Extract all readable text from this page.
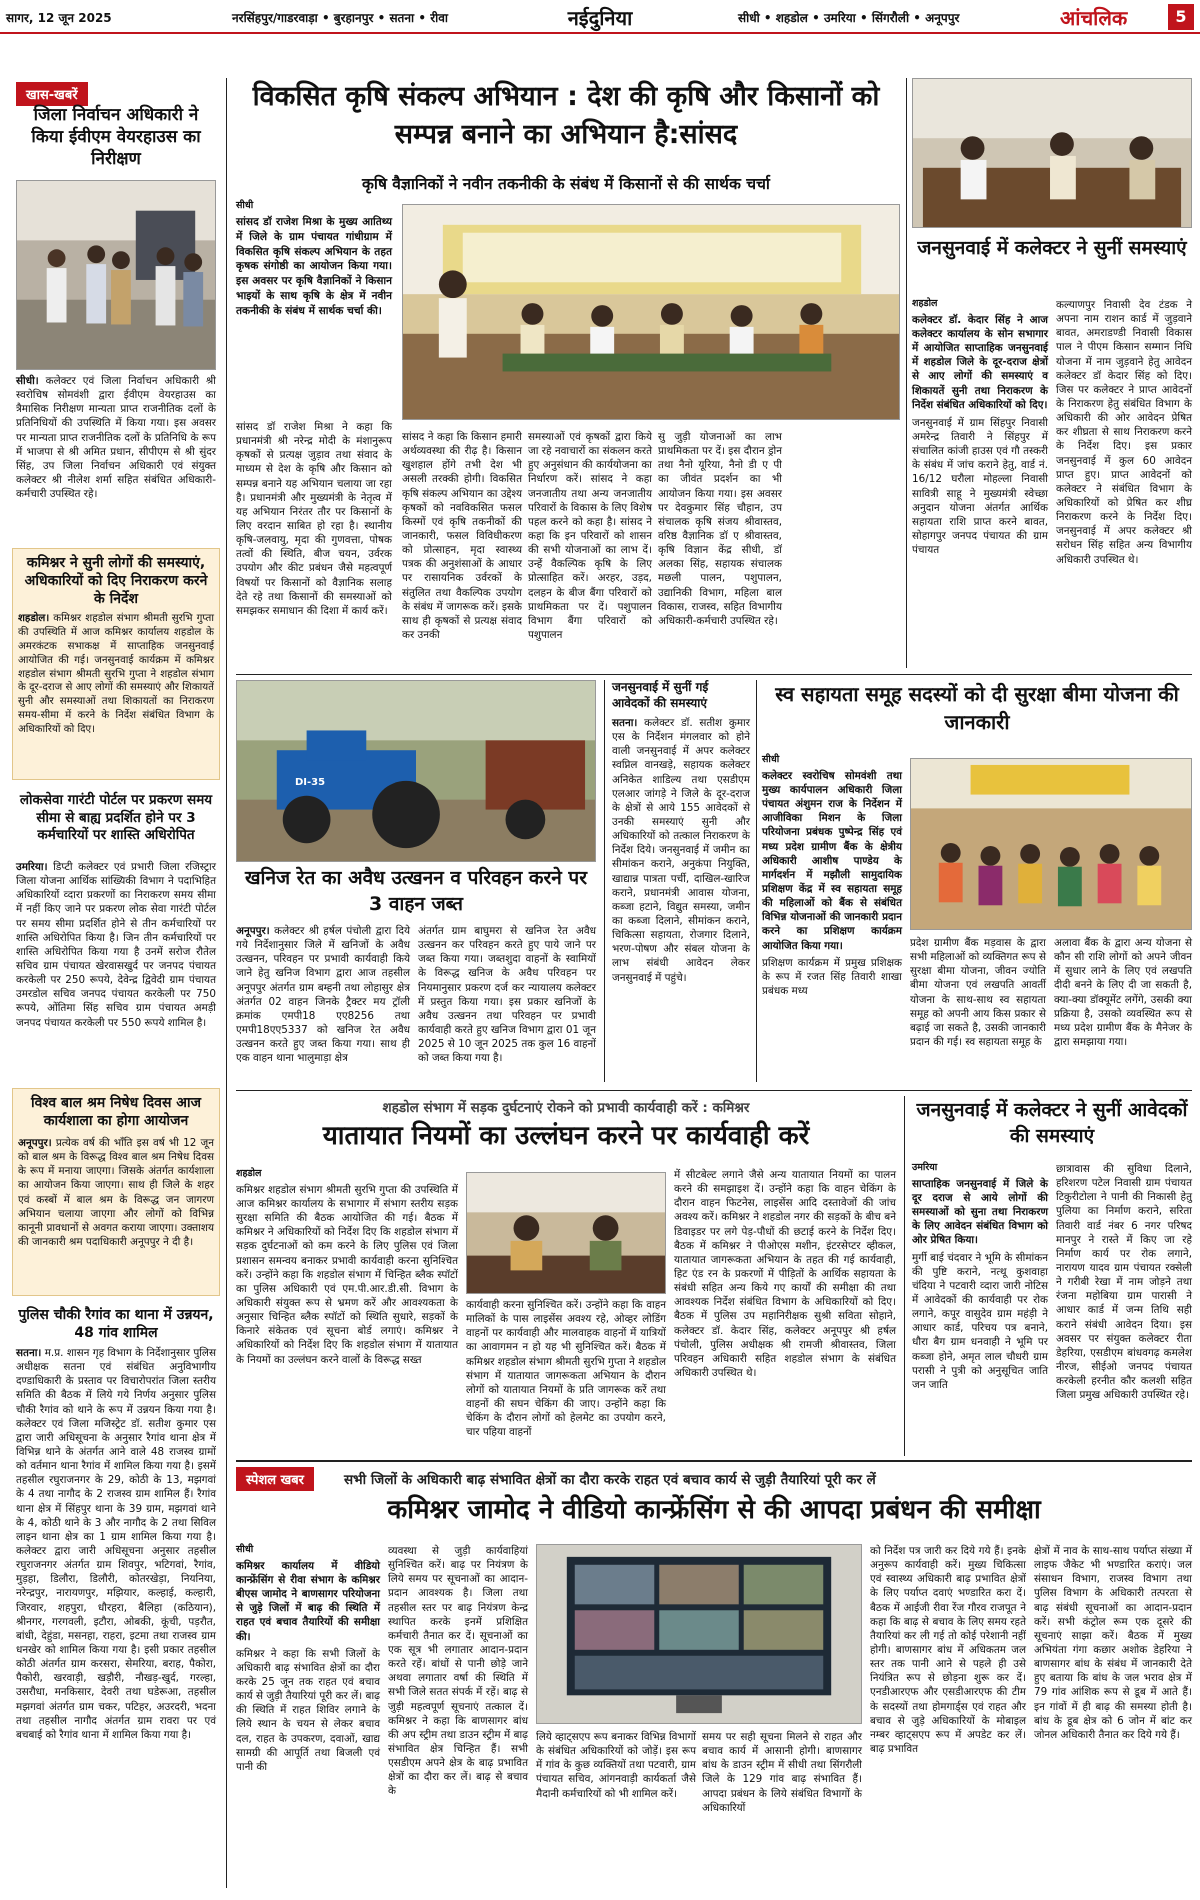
सागर, 12 जून 2025	नरसिंहपुर/गाडरवाड़ा • बुरहानपुर • सतना • रीवा	नईदुनिया	सीधी • शहडोल • उमरिया • सिंगरौली • अनूपपुर	आंचलिक	5
खास-खबरें
जिला निर्वाचन अधिकारी ने किया ईवीएम वेयरहाउस का निरीक्षण
सीधी। कलेक्टर एवं जिला निर्वाचन अधिकारी श्री स्वरोचिष सोमवंशी द्वारा ईवीएम वेयरहाउस का त्रैमासिक निरीक्षण मान्यता प्राप्त राजनीतिक दलों के प्रतिनिधियों की उपस्थिति में किया गया। इस अवसर पर मान्यता प्राप्त राजनीतिक दलों के प्रतिनिधि के रूप में भाजपा से श्री अमित प्रधान, सीपीएम से श्री सुंदर सिंह, उप जिला निर्वाचन अधिकारी एवं संयुक्त कलेक्टर श्री नीलेश शर्मा सहित संबंधित अधिकारी-कर्मचारी उपस्थित रहे।
कमिश्नर ने सुनी लोगों की समस्याएं, अधिकारियों को दिए निराकरण करने के निर्देश
शहडोल। कमिश्नर शहडोल संभाग श्रीमती सुरभि गुप्ता की उपस्थिति में आज कमिश्नर कार्यालय शहडोल के अमरकंटक सभाकक्ष में साप्ताहिक जनसुनवाई आयोजित की गई। जनसुनवाई कार्यक्रम में कमिश्नर शहडोल संभाग श्रीमती सुरभि गुप्ता ने शहडोल संभाग के दूर-दराज से आए लोगों की समस्याएं और शिकायतें सुनी और समस्याओं तथा शिकायतों का निराकरण समय-सीमा में करने के निर्देश संबंधित विभाग के अधिकारियों को दिए।
लोकसेवा गारंटी पोर्टल पर प्रकरण समय सीमा से बाह्य प्रदर्शित होने पर 3 कर्मचारियों पर शास्ति अधिरोपित
उमरिया। डिप्टी कलेक्टर एवं प्रभारी जिला रजिस्ट्रार जिला योजना आर्थिक सांख्यिकी विभाग ने पदाभिहित अधिकारियों व्दारा प्रकरणों का निराकरण समय सीमा में नहीं किए जाने पर प्रकरण लोक सेवा गारंटी पोर्टल पर समय सीमा प्रदर्शित होने से तीन कर्मचारियों पर शास्ति अधिरोपित किया है। जिन तीन कर्मचारियों पर शास्ति अधिरोपित किया गया है उनमें सरोज रौतेल सचिव ग्राम पंचायत खेरवासखुर्द पर जनपद पंचायत करकेली पर 250 रूपये, देवेन्द्र द्विवेदी ग्राम पंचायत उमरडोल सचिव जनपद पंचायत करकेली पर 750 रूपये, ओंतिमा सिंह सचिव ग्राम पंचायत अमड़ी जनपद पंचायत करकेली पर 550 रूपये शामिल है।
विश्व बाल श्रम निषेध दिवस आज कार्यशाला का होगा आयोजन
अनूपपुर। प्रत्येक वर्ष की भाँति इस वर्ष भी 12 जून को बाल श्रम के विरूद्ध विश्व बाल श्रम निषेध दिवस के रूप में मनाया जाएगा। जिसके अंतर्गत कार्यशाला का आयोजन किया जाएगा। साथ ही जिले के शहर एवं कस्बों में बाल श्रम के विरूद्ध जन जागरण अभियान चलाया जाएगा और लोगों को विभिन्न कानूनी प्रावधानों से अवगत कराया जाएगा। उक्ताशय की जानकारी श्रम पदाधिकारी अनूपपुर ने दी है।
पुलिस चौकी रैगांव का थाना में उन्नयन, 48 गांव शामिल
सतना। म.प्र. शासन गृह विभाग के निर्देशानुसार पुलिस अधीक्षक सतना एवं संबंधित अनुविभागीय दण्डाधिकारी के प्रस्ताव पर विचारोपरांत जिला स्तरीय समिति की बैठक में लिये गये निर्णय अनुसार पुलिस चौकी रैगांव को थाने के रूप में उन्नयन किया गया है। कलेक्टर एवं जिला मजिस्ट्रेट डॉ. सतीश कुमार एस द्वारा जारी अधिसूचना के अनुसार रैगांव थाना क्षेत्र में विभिन्न थाने के अंतर्गत आने वाले 48 राजस्व ग्रामों को वर्तमान थाना रैगांव में शामिल किया गया है। इसमें तहसील रघुराजनगर के 29, कोठी के 13, मझगवां के 4 तथा नागौद के 2 राजस्व ग्राम शामिल हैं। रैगांव थाना क्षेत्र में सिंहपुर थाना के 39 ग्राम, मझगवां थाने के 4, कोठी थाने के 3 और नागौद के 2 तथा सिविल लाइन थाना क्षेत्र का 1 ग्राम शामिल किया गया है। कलेक्टर द्वारा जारी अधिसूचना अनुसार तहसील रघुराजनगर अंतर्गत ग्राम शिवपुर, भटिगवां, रैगांव, मुड़हा, डिलौरा, डिलौरी, कोतरखेड़ा, नियनिया, नरेन्द्रपुर, नारायणपुर, मझियार, कल्हाई, कल्हारी, जिरवार, शहपुरा, धौरहरा, बैलिहा (कठियान), श्रीनगर, गरगवली, इटौरा, ओबकी, कूंची, पड़रौत, बांधी, देहुंडा, मसनहा, राहरा, इटमा तथा राजस्व ग्राम धनखेर को शामिल किया गया है। इसी प्रकार तहसील कोठी अंतर्गत ग्राम करसरा, सेमरिया, बराह, पैकोरा, पैकोरी, खरवाड़ी, खड़ौरी, नौखड़-खुर्द, गरल्हा, उसरौधा, मनकिसार, देवरी तथा घडेरूआ, तहसील मझगवां अंतर्गत ग्राम चकर, पटिहर, अउरदरी, भदना तथा तहसील नागौद अंतर्गत ग्राम रावरा पर एवं बचबाई को रैगांव थाना में शामिल किया गया है।
विकसित कृषि संकल्प अभियान : देश की कृषि और किसानों को सम्पन्न बनाने का अभियान है:सांसद
कृषि वैज्ञानिकों ने नवीन तकनीकी के संबंध में किसानों से की सार्थक चर्चा
सीधी
सांसद डॉ राजेश मिश्रा के मुख्य आतिथ्य में जिले के ग्राम पंचायत गांधीग्राम में विकसित कृषि संकल्प अभियान के तहत कृषक संगोष्ठी का आयोजन किया गया। इस अवसर पर कृषि वैज्ञानिकों ने किसान भाइयों के साथ कृषि के क्षेत्र में नवीन तकनीकी के संबंध में सार्थक चर्चा की।
सांसद डॉ राजेश मिश्रा ने कहा कि प्रधानमंत्री श्री नरेन्द्र मोदी के मंशानुरूप कृषकों से प्रत्यक्ष जुड़ाव तथा संवाद के माध्यम से देश के कृषि और किसान को सम्पन्न बनाने यह अभियान चलाया जा रहा है। प्रधानमंत्री और मुख्यमंत्री के नेतृत्व में यह अभियान निरंतर तौर पर किसानों के लिए वरदान साबित हो रहा है। स्थानीय कृषि-जलवायु, मृदा की गुणवत्ता, पोषक तत्वों की स्थिति, बीज चयन, उर्वरक उपयोग और कीट प्रबंधन जैसे महत्वपूर्ण विषयों पर किसानों को वैज्ञानिक सलाह देते रहे तथा किसानों की समस्याओं को समझकर समाधान की दिशा में कार्य करें।
सांसद ने कहा कि किसान हमारी अर्थव्यवस्था की रीढ़ है। किसान खुशहाल होंगे तभी देश भी असली तरक्की होगी। विकसित कृषि संकल्प अभियान का उद्देश्य कृषकों को नवविकसित फसल किस्मों एवं कृषि तकनीकों की जानकारी, फसल विविधीकरण को प्रोत्साहन, मृदा स्वास्थ्य पत्रक की अनुशंसाओं के आधार पर रासायनिक उर्वरकों के संतुलित तथा वैकल्पिक उपयोग के संबंध में जागरूक करें। इसके साथ ही कृषकों से प्रत्यक्ष संवाद कर उनकी
समस्याओं एवं कृषकों द्वारा किये जा रहे नवाचारों का संकलन करते हुए अनुसंधान की कार्ययोजना का निर्धारण करें। सांसद ने कहा जनजातीय तथा अन्य जनजातीय परिवारों के विकास के लिए विशेष पहल करने को कहा है। सांसद ने कहा कि इन परिवारों को शासन की सभी योजनाओं का लाभ दें। उन्हें वैकल्पिक कृषि के लिए प्रोत्साहित करें। अरहर, उड़द, दलहन के बीज बैंगा परिवारों को प्राथमिकता पर दें। पशुपालन विभाग बैंगा परिवारों को पशुपालन
सु जुड़ी योजनाओं का लाभ प्राथमिकता पर दें। इस दौरान ड्रोन तथा नैनो यूरिया, नैनो डी ए पी का जीवंत प्रदर्शन का भी आयोजन किया गया। इस अवसर पर देवकुमार सिंह चौहान, उप संचालक कृषि संजय श्रीवास्तव, वरिष्ठ वैज्ञानिक डॉ ए श्रीवास्तव, कृषि विज्ञान केंद्र सीधी, डॉ अलका सिंह, सहायक संचालक मछली पालन, पशुपालन, उद्यानिकी विभाग, महिला बाल विकास, राजस्व, सहित विभागीय अधिकारी-कर्मचारी उपस्थित रहे।
जनसुनवाई में कलेक्टर ने सुनीं समस्याएं
शहडोल
कलेक्टर डॉ. केदार सिंह ने आज कलेक्टर कार्यालय के सोन सभागार में आयोजित साप्ताहिक जनसुनवाई में शहडोल जिले के दूर-दराज क्षेत्रों से आए लोगों की समस्याएं व शिकायतें सुनी तथा निराकरण के निर्देश संबंधित अधिकारियों को दिए।
जनसुनवाई में ग्राम सिंहपुर निवासी अमरेन्द्र तिवारी ने सिंहपुर में संचालित कांजी हाउस एवं गौ तस्करी के संबंध में जांच कराने हेतु, वार्ड नं. 16/12 घरौला मोहल्ला निवासी सावित्री साहू ने मुख्यमंत्री स्वेच्छा अनुदान योजना अंतर्गत आर्थिक सहायता राशि प्राप्त करने बावत, सोहागपुर जनपद पंचायत की ग्राम पंचायत
कल्याणपुर निवासी देव टंडक ने अपना नाम राशन कार्ड में जुड़वाने बावत, अमराडण्डी निवासी विकास पाल ने पीएम किसान सम्मान निधि योजना में नाम जुड़वाने हेतु आवेदन कलेक्टर डॉ केदार सिंह को दिए। जिस पर कलेक्टर ने प्राप्त आवेदनों के निराकरण हेतु संबंधित विभाग के अधिकारी की ओर आवेदन प्रेषित कर शीघ्रता से साथ निराकरण करने के निर्देश दिए। इस प्रकार जनसुनवाई में कुल 60 आवेदन प्राप्त हुए। प्राप्त आवेदनों को कलेक्टर ने संबंधित विभाग के अधिकारियों को प्रेषित कर शीघ्र निराकरण करने के निर्देश दिए। जनसुनवाई में अपर कलेक्टर श्री सरोधन सिंह सहित अन्य विभागीय अधिकारी उपस्थित थे।
DI-35
खनिज रेत का अवैध उत्खनन व परिवहन करने पर 3 वाहन जब्त
अनूपपुर। कलेक्टर श्री हर्षल पंचोली द्वारा दिये गये निर्देशानुसार जिले में खनिजों के अवैध उत्खनन, परिवहन पर प्रभावी कार्यवाही किये जाने हेतु खनिज विभाग द्वारा आज तहसील अनूपपुर अंतर्गत ग्राम बम्हनी तथा लोहासुर क्षेत्र अंतर्गत 02 वाहन जिनके ट्रैक्टर मय ट्रॉली क्रमांक एमपी18 एए8256 तथा एमपी18एए5337 को खनिज रेत अवैध उत्खनन करते हुए जब्त किया गया। साथ ही एक वाहन थाना भालुमाड़ा क्षेत्र
अंतर्गत ग्राम बाघुमरा से खनिज रेत अवैध उत्खनन कर परिवहन करते हुए पाये जाने पर जब्त किया गया। जब्तशुदा वाहनों के स्वामियों के विरूद्ध खनिज के अवैध परिवहन पर नियमानुसार प्रकरण दर्ज कर न्यायालय कलेक्टर में प्रस्तुत किया गया। इस प्रकार खनिजों के अवैध उत्खनन तथा परिवहन पर प्रभावी कार्यवाही करते हुए खनिज विभाग द्वारा 01 जून 2025 से 10 जून 2025 तक कुल 16 वाहनों को जब्त किया गया है।
जनसुनवाई में सुनीं गई आवेदकों की समस्याएं
सतना। कलेक्टर डॉ. सतीश कुमार एस के निर्देशन मंगलवार को होने वाली जनसुनवाई में अपर कलेक्टर स्वप्निल वानखड़े, सहायक कलेक्टर अनिकेत शाडिल्य तथा एसडीएम एलआर जांगड़े ने जिले के दूर-दराज के क्षेत्रों से आये 155 आवेदकों से उनकी समस्याएं सुनी और अधिकारियों को तत्काल निराकरण के निर्देश दिये। जनसुनवाई में जमीन का सीमांकन कराने, अनुकंपा नियुक्ति, खाद्यान्न पात्रता पर्ची, दाखिल-खारिज कराने, प्रधानमंत्री आवास योजना, कब्जा हटाने, विद्युत समस्या, जमीन का कब्जा दिलाने, सीमांकन कराने, चिकित्सा सहायता, रोजगार दिलाने, भरण-पोषण और संबल योजना के लाभ संबंधी आवेदन लेकर जनसुनवाई में पहुंचे।
स्व सहायता समूह सदस्यों को दी सुरक्षा बीमा योजना की जानकारी
सीधी
कलेक्टर स्वरोचिष सोमवंशी तथा मुख्य कार्यपालन अधिकारी जिला पंचायत अंशुमन राज के निर्देशन में आजीविका मिशन के जिला परियोजना प्रबंधक पुष्पेन्द्र सिंह एवं मध्य प्रदेश ग्रामीण बैंक के क्षेत्रीय अधिकारी आशीष पाण्डेय के मार्गदर्शन में मझौली सामुदायिक प्रशिक्षण केंद्र में स्व सहायता समूह की महिलाओं को बैंक से संबंधित विभिन्न योजनाओं की जानकारी प्रदान करने का प्रशिक्षण कार्यक्रम आयोजित किया गया।
प्रशिक्षण कार्यक्रम में प्रमुख प्रशिक्षक के रूप में रजत सिंह तिवारी शाखा प्रबंधक मध्य
प्रदेश ग्रामीण बैंक मड़वास के द्वारा सभी महिलाओं को व्यक्तिगत रूप से सुरक्षा बीमा योजना, जीवन ज्योति बीमा योजना एवं लखपति आवर्ती योजना के साथ-साथ स्व सहायता समूह को अपनी आय किस प्रकार से बढ़ाई जा सकते है, उसकी जानकारी प्रदान की गई। स्व सहायता समूह के
अलावा बैंक के द्वारा अन्य योजना से कौन सी राशि लोगों को अपने जीवन में सुधार लाने के लिए एवं लखपति दीदी बनने के लिए दी जा सकती है, क्या-क्या डॉक्यूमेंट लगेंगे, उसकी क्या प्रक्रिया है, उसको व्यवस्थित रूप से मध्य प्रदेश ग्रामीण बैंक के मैनेजर के द्वारा समझाया गया।
शहडोल संभाग में सड़क दुर्घटनाएं रोकने को प्रभावी कार्यवाही करें : कमिश्नर
यातायात नियमों का उल्लंघन करने पर कार्यवाही करें
शहडोल
कमिश्नर शहडोल संभाग श्रीमती सुरभि गुप्ता की उपस्थिति में आज कमिश्नर कार्यालय के सभागार में संभाग स्तरीय सड़क सुरक्षा समिति की बैठक आयोजित की गई। बैठक में कमिश्नर ने अधिकारियों को निर्देश दिए कि शहडोल संभाग में सड़क दुर्घटनाओं को कम करने के लिए पुलिस एवं जिला प्रशासन समन्वय बनाकर प्रभावी कार्यवाही करना सुनिश्चित करें। उन्होंने कहा कि शहडोल संभाग में चिन्हित ब्लैक स्पॉटों का पुलिस अधिकारी एवं एम.पी.आर.डी.सी. विभाग के अधिकारी संयुक्त रूप से भ्रमण करें और आवश्यकता के अनुसार चिन्हित ब्लैक स्पॉटों को स्थिति सुधारे, सड़कों के किनारे संकेतक एवं सूचना बोर्ड लगाएं। कमिश्नर ने अधिकारियों को निर्देश दिए कि शहडोल संभाग में यातायात के नियमों का उल्लंघन करने वालों के विरूद्ध सख्त
कार्यवाही करना सुनिश्चित करें। उन्होंने कहा कि वाहन मालिकों के पास लाइसेंस अवश्य रहे, ओव्हर लोडिंग वाहनों पर कार्यवाही और मालवाहक वाहनों में यात्रियों का आवागमन न हो यह भी सुनिश्चित करें। बैठक में कमिश्नर शहडोल संभाग श्रीमती सुरभि गुप्ता ने शहडोल संभाग में यातायात जागरूकता अभियान के दौरान लोगों को यातायात नियमों के प्रति जागरूक करें तथा वाहनों की सघन चेकिंग की जाए। उन्होंने कहा कि चेकिंग के दौरान लोगों को हेलमेट का उपयोग करने, चार पहिया वाहनों
में सीटबेल्ट लगाने जैसे अन्य यातायात नियमों का पालन करने की समझाइश दें। उन्होंने कहा कि वाहन चेकिंग के दौरान वाहन फिटनेस, लाइसेंस आदि दस्तावेजों की जांच अवश्य करें। कमिश्नर ने शहडोल नगर की सड़कों के बीच बने डिवाइडर पर लगे पेड़-पौधों की छटाई करने के निर्देश दिए। बैठक में कमिश्नर ने पीओएस मशीन, इंटरसेप्टर व्हीकल, यातायात जागरूकता अभियान के तहत की गई कार्यवाही, हिट एंड रन के प्रकरणों में पीड़ितों के आर्थिक सहायता के संबंधी सहित अन्य किये गए कार्यों की समीक्षा की तथा आवश्यक निर्देश संबंधित विभाग के अधिकारियों को दिए। बैठक में पुलिस उप महानिरीक्षक सुश्री सविता सोहाने, कलेक्टर डॉ. केदार सिंह, कलेक्टर अनूपपुर श्री हर्षल पंचोली, पुलिस अधीक्षक श्री रामजी श्रीवास्तव, जिला परिवहन अधिकारी सहित शहडोल संभाग के संबंधित अधिकारी उपस्थित थे।
जनसुनवाई में कलेक्टर ने सुनीं आवेदकों की समस्याएं
उमरिया
साप्ताहिक जनसुनवाई में जिले के दूर दराज से आये लोगों की समस्याओं को सुना तथा निराकरण के लिए आवेदन संबंधित विभाग को ओर प्रेषित किया।
मुर्गी बाई चंदवार ने भूमि के सीमांकन की पुष्टि कराने, नत्थू कुशवाहा चंदिया ने पटवारी व्दारा जारी नोटिस में आवेदकों की कार्यवाही पर रोक लगाने, कपूर वासुदेव ग्राम महंड़ी ने आधार कार्ड, परिचय पत्र बनाने, धौरा बैग ग्राम धनवाही ने भूमि पर कब्जा होने, अमृत लाल चौधरी ग्राम परासी ने पुत्री को अनुसूचित जाति जन जाति
छात्रावास की सुविधा दिलाने, हरिशरण पटेल निवासी ग्राम पंचायत टिकुरीटोला ने पानी की निकासी हेतु पुलिया का निर्माण कराने, सरिता तिवारी वार्ड नंबर 6 नगर परिषद मानपुर ने रास्ते में किए जा रहे निर्माण कार्य पर रोक लगाने, नारायण यादव ग्राम पंचायत रक्सेली ने गरीबी रेखा में नाम जोड़ने तथा रंजना महोबिया ग्राम पारासी ने आधार कार्ड में जन्म तिथि सही कराने संबंधी आवेदन दिया। इस अवसर पर संयुक्त कलेक्टर रीता डेहरिया, एसडीएम बांधवगढ़ कमलेश नीरज, सीईओ जनपद पंचायत करकेली हरनीत कौर कलशी सहित जिला प्रमुख अधिकारी उपस्थित रहे।
स्पेशल खबर	सभी जिलों के अधिकारी बाढ़ संभावित क्षेत्रों का दौरा करके राहत एवं बचाव कार्य से जुड़ी तैयारियां पूरी कर लें
कमिश्नर जामोद ने वीडियो कान्फ्रेंसिंग से की आपदा प्रबंधन की समीक्षा
सीधी
कमिश्नर कार्यालय में वीडियो कान्फ्रेंसिंग से रीवा संभाग के कमिश्नर बीएस जामोद ने बाणसागर परियोजना से जुड़े जिलों में बाढ़ की स्थिति में राहत एवं बचाव तैयारियों की समीक्षा की।
कमिश्नर ने कहा कि सभी जिलों के अधिकारी बाढ़ संभावित क्षेत्रों का दौरा करके 25 जून तक राहत एवं बचाव कार्य से जुड़ी तैयारियां पूरी कर लें। बाढ़ की स्थिति में राहत शिविर लगाने के लिये स्थान के चयन से लेकर बचाव दल, राहत के उपकरण, दवाओं, खाद्य सामग्री की आपूर्ति तथा बिजली एवं पानी की
व्यवस्था से जुड़ी कार्यवाहियां सुनिश्चित करें। बाढ़ पर नियंत्रण के लिये समय पर सूचनाओं का आदान-प्रदान आवश्यक है। जिला तथा तहसील स्तर पर बाढ़ नियंत्रण केन्द्र स्थापित करके इनमें प्रशिक्षित कर्मचारी तैनात कर दें। सूचनाओं का एक सूत्र भी लगातार आदान-प्रदान करते रहें। बांधों से पानी छोड़े जाने अथवा लगातार वर्षा की स्थिति में सभी जिले सतत संपर्क में रहें। बाढ़ से जुड़ी महत्वपूर्ण सूचनाएं तत्काल दें। कमिश्नर ने कहा कि बाणसागर बांध की अप स्ट्रीम तथा डाउन स्ट्रीम में बाढ़ संभावित क्षेत्र चिन्हित हैं। सभी एसडीएम अपने क्षेत्र के बाढ़ प्रभावित क्षेत्रों का दौरा कर लें। बाढ़ से बचाव के
लिये व्हाट्सएप रूप बनाकर विभिन्न विभागों के संबंधित अधिकारियों को जोड़ें। इस रूप में गांव के कुछ व्यक्तियों तथा पटवारी, ग्राम पंचायत सचिव, आंगनवाड़ी कार्यकर्ता जैसे मैदानी कर्मचारियों को भी शामिल करें।
समय पर सही सूचना मिलने से राहत और बचाव कार्य में आसानी होगी। बाणसागर बांध के डाउन स्ट्रीम में सीधी तथा सिंगरौली जिले के 129 गांव बाढ़ संभावित हैं। आपदा प्रबंधन के लिये संबंधित विभागों के अधिकारियों
को निर्देश पत्र जारी कर दिये गये हैं। इनके अनुरूप कार्यवाही करें। मुख्य चिकित्सा एवं स्वास्थ्य अधिकारी बाढ़ प्रभावित क्षेत्रों के लिए पर्याप्त दवाएं भण्डारित करा दें। बैठक में आईजी रीवा रेंज गौरव राजपूत ने कहा कि बाढ़ से बचाव के लिए समय रहते तैयारियां कर ली गई तो कोई परेशानी नहीं होगी। बाणसागर बांध में अधिकतम जल स्तर तक पानी आने से पहले ही उसे नियंत्रित रूप से छोड़ना शुरू कर दें। एनडीआरएफ और एसडीआरएफ की टीम के सदस्यों तथा होमगार्ड्स एवं राहत और बचाव से जुड़े अधिकारियों के मोबाइल नम्बर व्हाट्सएप रूप में अपडेट कर लें। बाढ़ प्रभावित
क्षेत्रों में नाव के साथ-साथ पर्याप्त संख्या में लाइफ जैकेट भी भण्डारित कराएं। जल संसाधन विभाग, राजस्व विभाग तथा पुलिस विभाग के अधिकारी तत्परता से बाढ़ संबंधी सूचनाओं का आदान-प्रदान करें। सभी कंट्रोल रूम एक दूसरे की सूचनाएं साझा करें। बैठक में मुख्य अभियंता गंगा कछार अशोक डेहरिया ने बाणसागर बांध के संबंध में जानकारी देते हुए बताया कि बांध के जल भराव क्षेत्र में 79 गांव आंशिक रूप से डूब में आते हैं। इन गांवों में ही बाढ़ की समस्या होती है। बांध के डूब क्षेत्र को 6 जोन में बांट कर जोनल अधिकारी तैनात कर दिये गये हैं।
